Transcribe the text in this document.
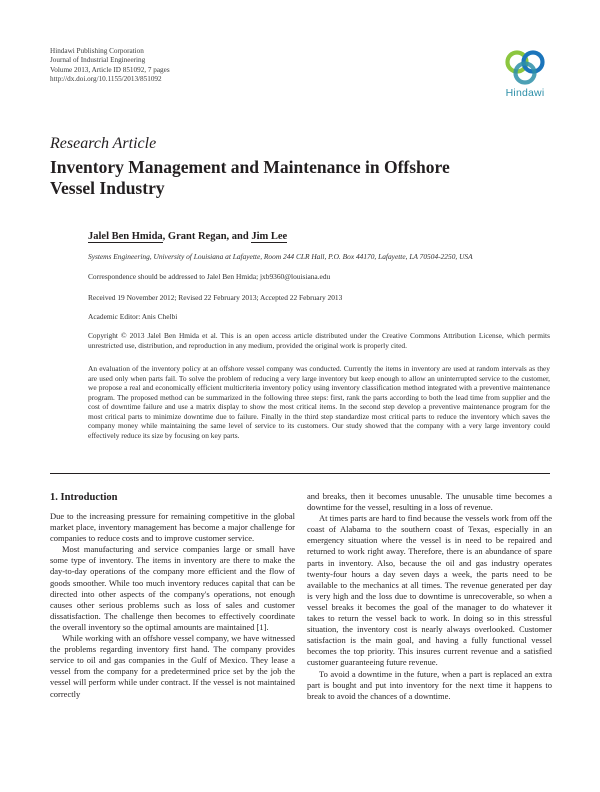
Hindawi Publishing Corporation
Journal of Industrial Engineering
Volume 2013, Article ID 851092, 7 pages
http://dx.doi.org/10.1155/2013/851092
Hindawi
Research Article
Inventory Management and Maintenance in Offshore Vessel Industry
Jalel Ben Hmida, Grant Regan, and Jim Lee
Systems Engineering, University of Louisiana at Lafayette, Room 244 CLR Hall, P.O. Box 44170, Lafayette, LA 70504-2250, USA
Correspondence should be addressed to Jalel Ben Hmida; jxb9360@louisiana.edu
Received 19 November 2012; Revised 22 February 2013; Accepted 22 February 2013
Academic Editor: Anis Chelbi
Copyright © 2013 Jalel Ben Hmida et al. This is an open access article distributed under the Creative Commons Attribution License, which permits unrestricted use, distribution, and reproduction in any medium, provided the original work is properly cited.
An evaluation of the inventory policy at an offshore vessel company was conducted. Currently the items in inventory are used at random intervals as they are used only when parts fail. To solve the problem of reducing a very large inventory but keep enough to allow an uninterrupted service to the customer, we propose a real and economically efficient multicriteria inventory policy using inventory classification method integrated with a preventive maintenance program. The proposed method can be summarized in the following three steps: first, rank the parts according to both the lead time from supplier and the cost of downtime failure and use a matrix display to show the most critical items. In the second step develop a preventive maintenance program for the most critical parts to minimize downtime due to failure. Finally in the third step standardize most critical parts to reduce the inventory which saves the company money while maintaining the same level of service to its customers. Our study showed that the company with a very large inventory could effectively reduce its size by focusing on key parts.
1. Introduction

Due to the increasing pressure for remaining competitive in the global market place, inventory management has become a major challenge for companies to reduce costs and to improve customer service.

Most manufacturing and service companies large or small have some type of inventory. The items in inventory are there to make the day-to-day operations of the company more efficient and the flow of goods smoother. While too much inventory reduces capital that can be directed into other aspects of the company's operations, not enough causes other serious problems such as loss of sales and customer dissatisfaction. The challenge then becomes to effectively coordinate the overall inventory so the optimal amounts are maintained [1].

While working with an offshore vessel company, we have witnessed the problems regarding inventory first hand. The company provides service to oil and gas companies in the Gulf of Mexico. They lease a vessel from the company for a predetermined price set by the job the vessel will perform while under contract. If the vessel is not maintained correctly

and breaks, then it becomes unusable. The unusable time becomes a downtime for the vessel, resulting in a loss of revenue.

At times parts are hard to find because the vessels work from off the coast of Alabama to the southern coast of Texas, especially in an emergency situation where the vessel is in need to be repaired and returned to work right away. Therefore, there is an abundance of spare parts in inventory. Also, because the oil and gas industry operates twenty-four hours a day seven days a week, the parts need to be available to the mechanics at all times. The revenue generated per day is very high and the loss due to downtime is unrecoverable, so when a vessel breaks it becomes the goal of the manager to do whatever it takes to return the vessel back to work. In doing so in this stressful situation, the inventory cost is nearly always overlooked. Customer satisfaction is the main goal, and having a fully functional vessel becomes the top priority. This insures current revenue and a satisfied customer guaranteeing future revenue.

To avoid a downtime in the future, when a part is replaced an extra part is bought and put into inventory for the next time it happens to break to avoid the chances of a downtime.
